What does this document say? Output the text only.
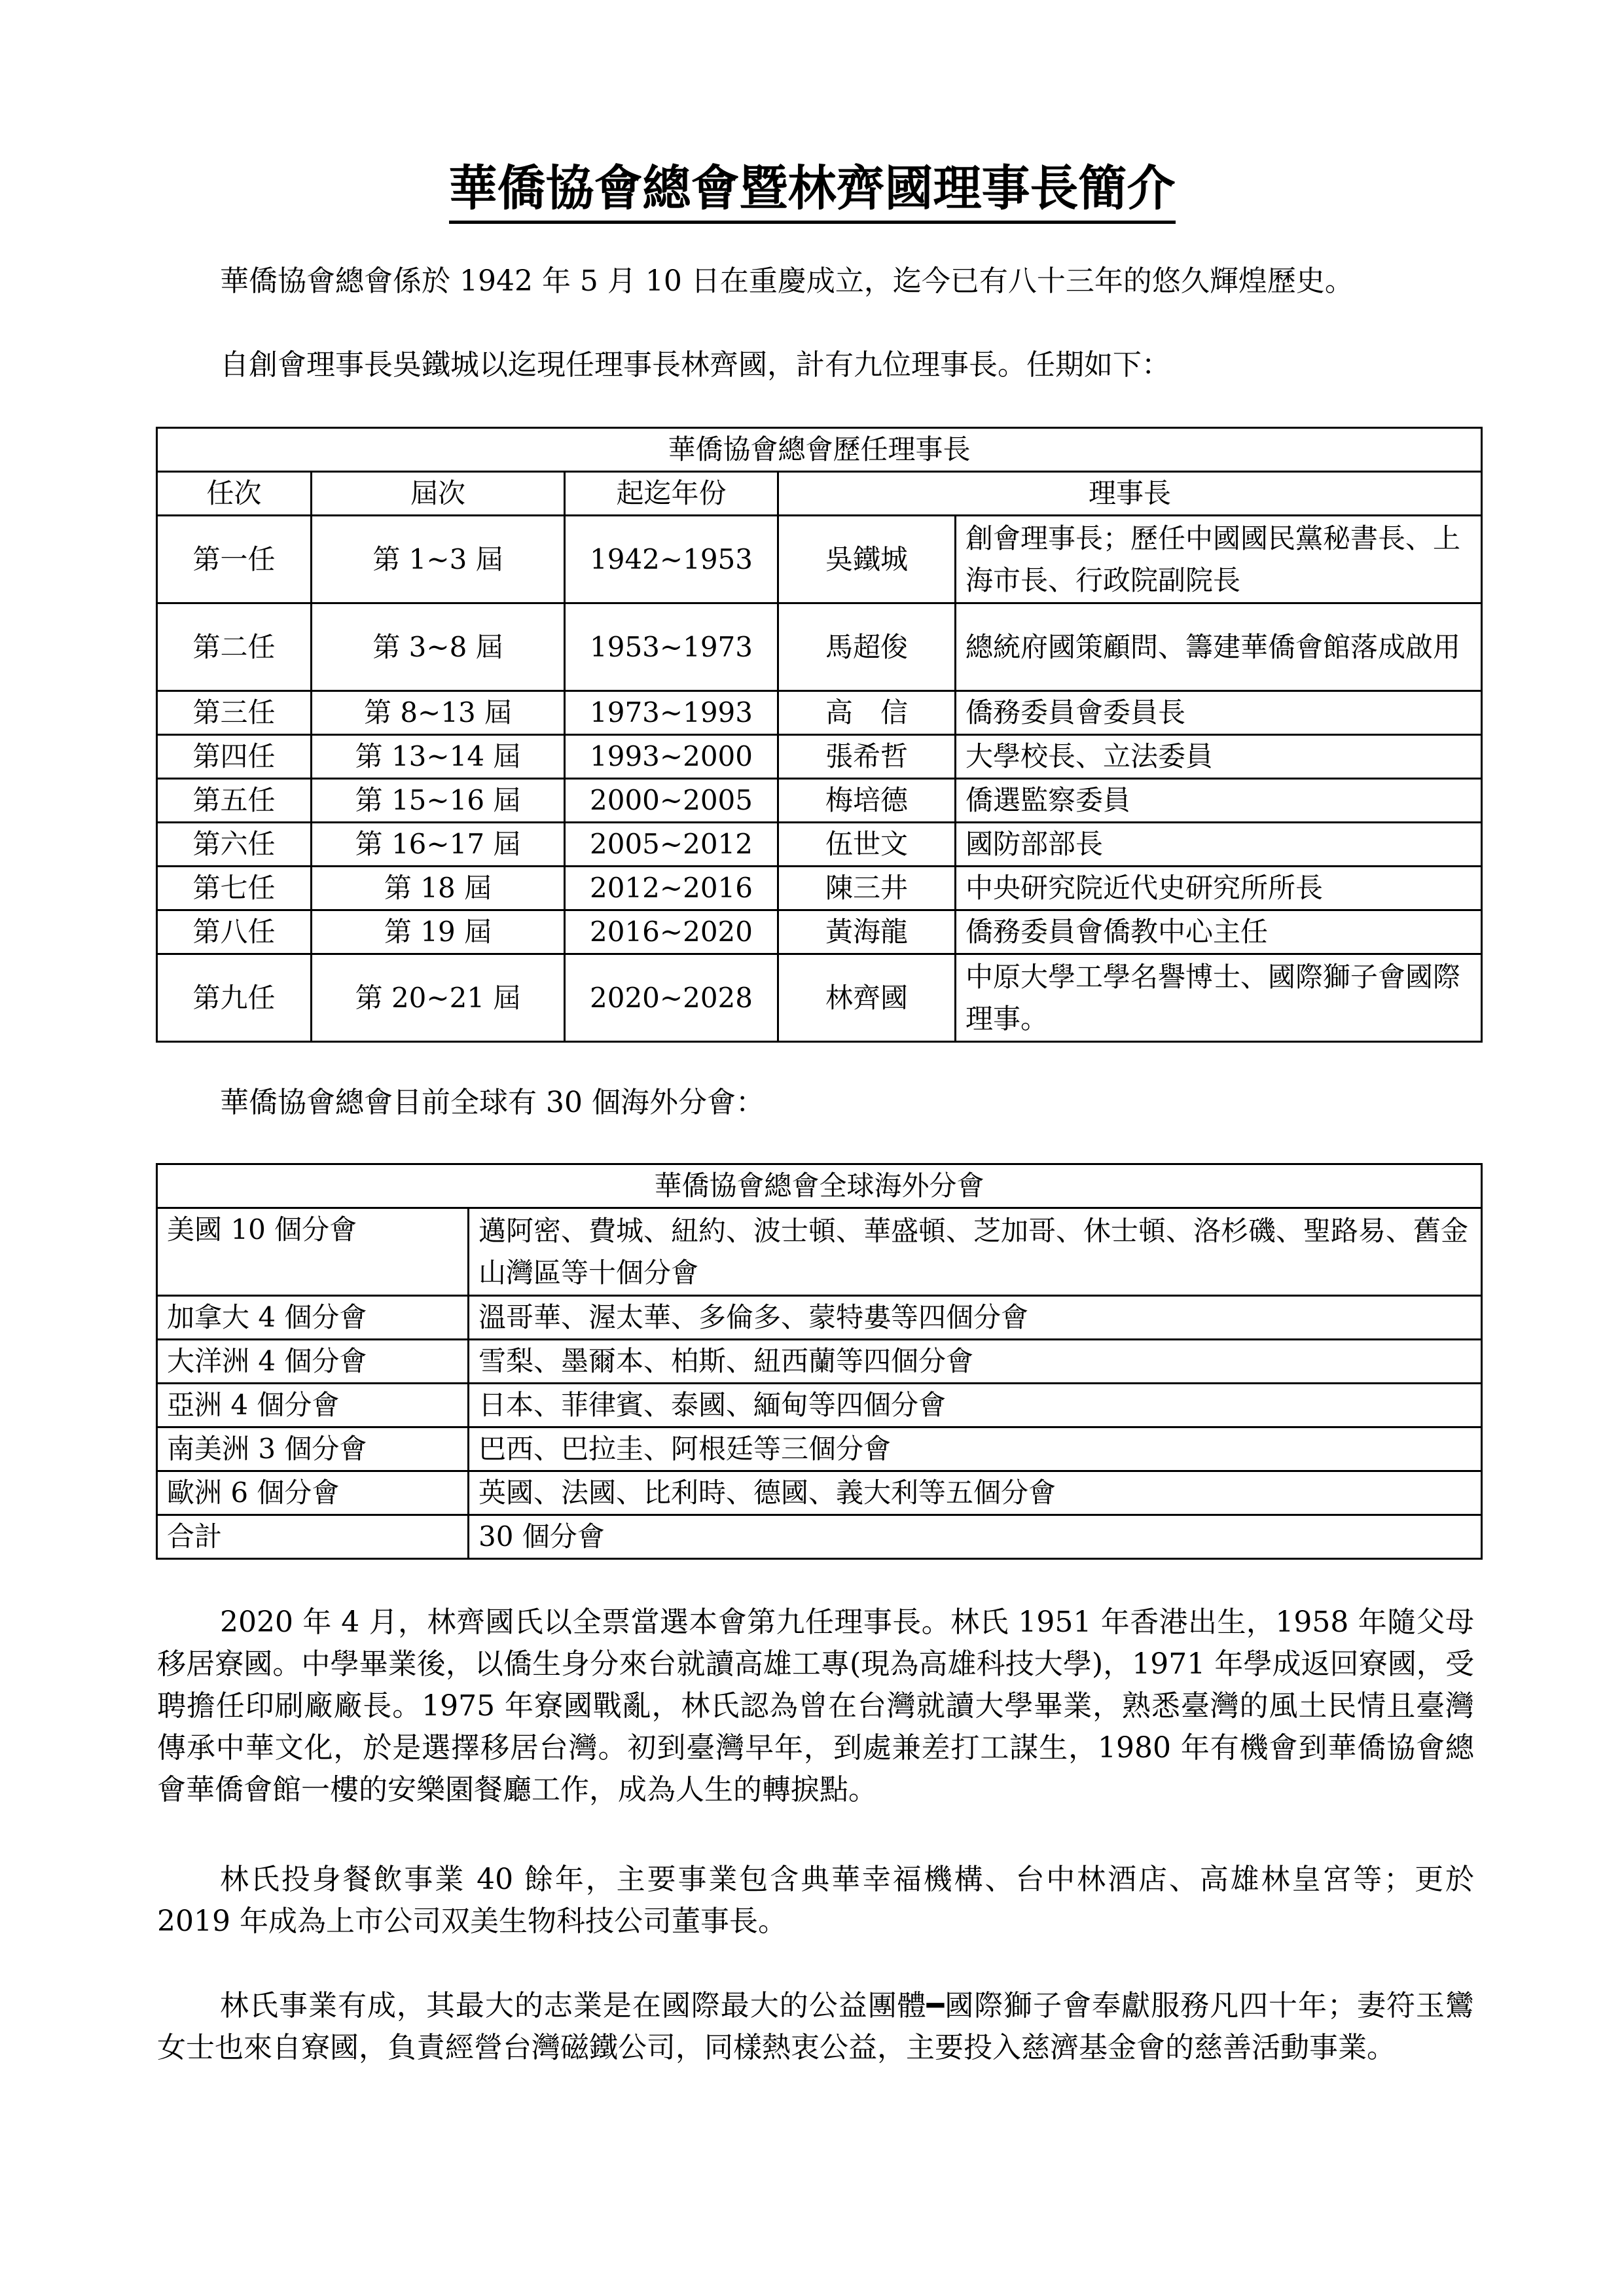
華僑協會總會暨林齊國理事長簡介
華僑協會總會係於 1942 年 5 月 10 日在重慶成立，迄今已有八十三年的悠久輝煌歷史。
自創會理事長吳鐵城以迄現任理事長林齊國，計有九位理事長。任期如下：
華僑協會總會歷任理事長				
任次	屆次	起迄年份	理事長	
第一任	第 1~3 屆	1942~1953	吳鐵城	創會理事長；歷任中國國民黨秘書長、上海市長、行政院副院長
第二任	第 3~8 屆	1953~1973	馬超俊	總統府國策顧問、籌建華僑會館落成啟用
第三任	第 8~13 屆	1973~1993	高　信	僑務委員會委員長
第四任	第 13~14 屆	1993~2000	張希哲	大學校長、立法委員
第五任	第 15~16 屆	2000~2005	梅培德	僑選監察委員
第六任	第 16~17 屆	2005~2012	伍世文	國防部部長
第七任	第 18 屆	2012~2016	陳三井	中央研究院近代史研究所所長
第八任	第 19 屆	2016~2020	黃海龍	僑務委員會僑教中心主任
第九任	第 20~21 屆	2020~2028	林齊國	中原大學工學名譽博士、國際獅子會國際理事。
華僑協會總會目前全球有 30 個海外分會：
華僑協會總會全球海外分會	
美國 10 個分會	邁阿密、費城、紐約、波士頓、華盛頓、芝加哥、休士頓、洛杉磯、聖路易、舊金山灣區等十個分會
加拿大 4 個分會	溫哥華、渥太華、多倫多、蒙特婁等四個分會
大洋洲 4 個分會	雪梨、墨爾本、柏斯、紐西蘭等四個分會
亞洲 4 個分會	日本、菲律賓、泰國、緬甸等四個分會
南美洲 3 個分會	巴西、巴拉圭、阿根廷等三個分會
歐洲 6 個分會	英國、法國、比利時、德國、義大利等五個分會
合計	30 個分會
2020 年 4 月，林齊國氏以全票當選本會第九任理事長。林氏 1951 年香港出生，1958 年隨父母移居寮國。中學畢業後，以僑生身分來台就讀高雄工專(現為高雄科技大學)，1971 年學成返回寮國，受聘擔任印刷廠廠長。1975 年寮國戰亂，林氏認為曾在台灣就讀大學畢業，熟悉臺灣的風土民情且臺灣傳承中華文化，於是選擇移居台灣。初到臺灣早年，到處兼差打工謀生，1980 年有機會到華僑協會總會華僑會館一樓的安樂園餐廳工作，成為人生的轉捩點。
林氏投身餐飲事業 40 餘年，主要事業包含典華幸福機構、台中林酒店、高雄林皇宮等；更於 2019 年成為上市公司双美生物科技公司董事長。
林氏事業有成，其最大的志業是在國際最大的公益團體━國際獅子會奉獻服務凡四十年；妻符玉鸞女士也來自寮國，負責經營台灣磁鐵公司，同樣熱衷公益，主要投入慈濟基金會的慈善活動事業。
